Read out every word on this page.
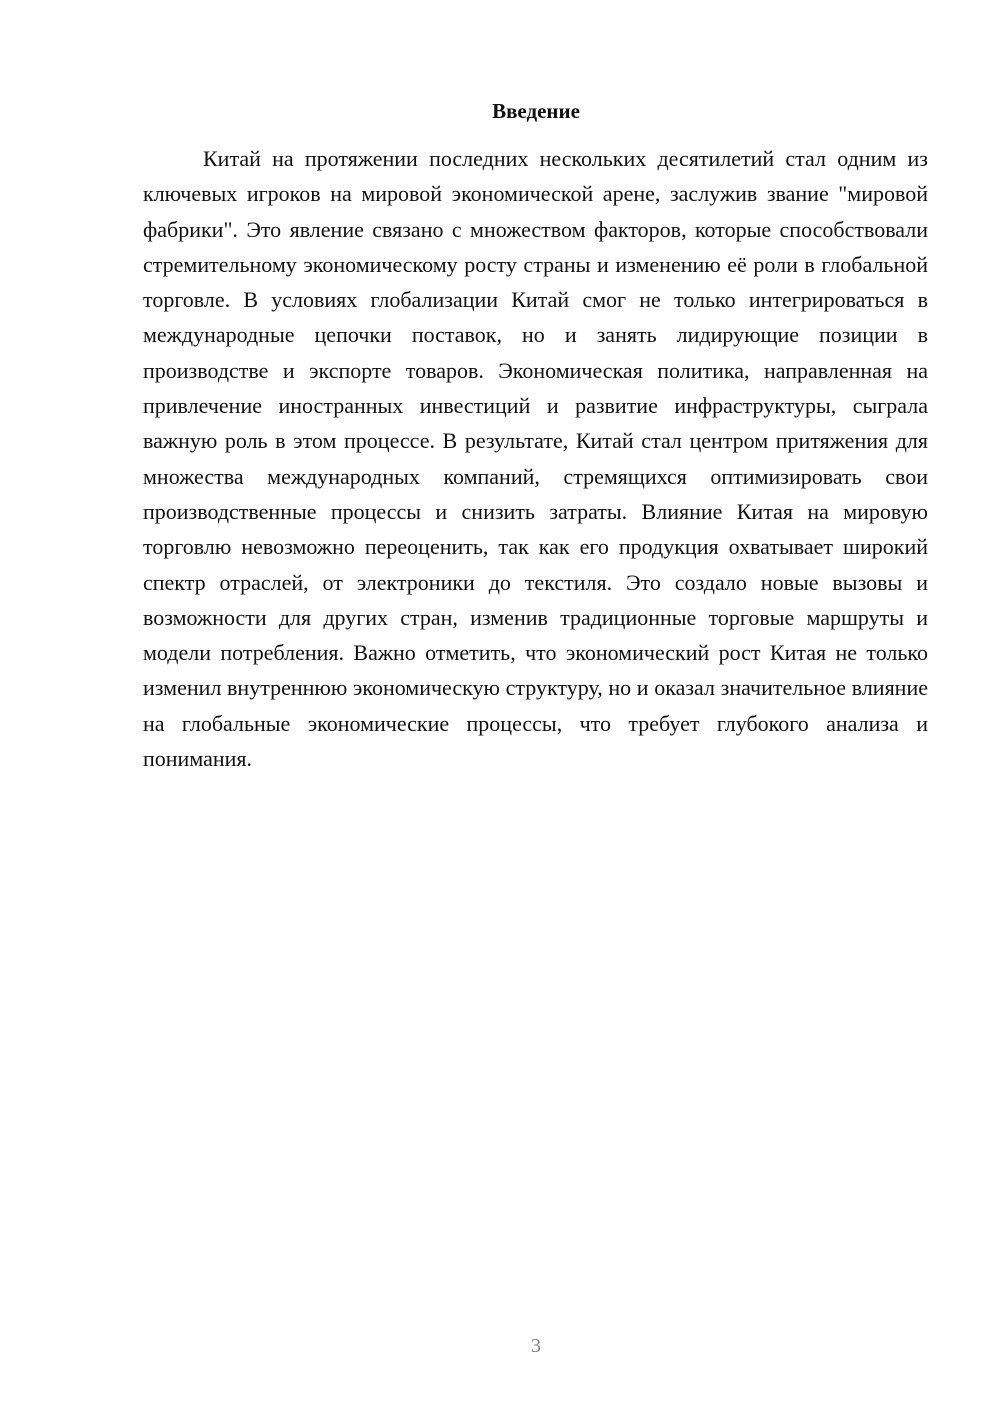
Введение

Китай на протяжении последних нескольких десятилетий стал одним из ключевых игроков на мировой экономической арене, заслужив звание "мировой фабрики". Это явление связано с множеством факторов, которые способствовали стремительному экономическому росту страны и изменению её роли в глобальной торговле. В условиях глобализации Китай смог не только интегрироваться в международные цепочки поставок, но и занять лидирующие позиции в производстве и экспорте товаров. Экономическая политика, направленная на привлечение иностранных инвестиций и развитие инфраструктуры, сыграла важную роль в этом процессе. В результате, Китай стал центром притяжения для множества международных компаний, стремящихся оптимизировать свои производственные процессы и снизить затраты. Влияние Китая на мировую торговлю невозможно переоценить, так как его продукция охватывает широкий спектр отраслей, от электроники до текстиля. Это создало новые вызовы и возможности для других стран, изменив традиционные торговые маршруты и модели потребления. Важно отметить, что экономический рост Китая не только изменил внутреннюю экономическую структуру, но и оказал значительное влияние на глобальные экономические процессы, что требует глубокого анализа и понимания.

3
